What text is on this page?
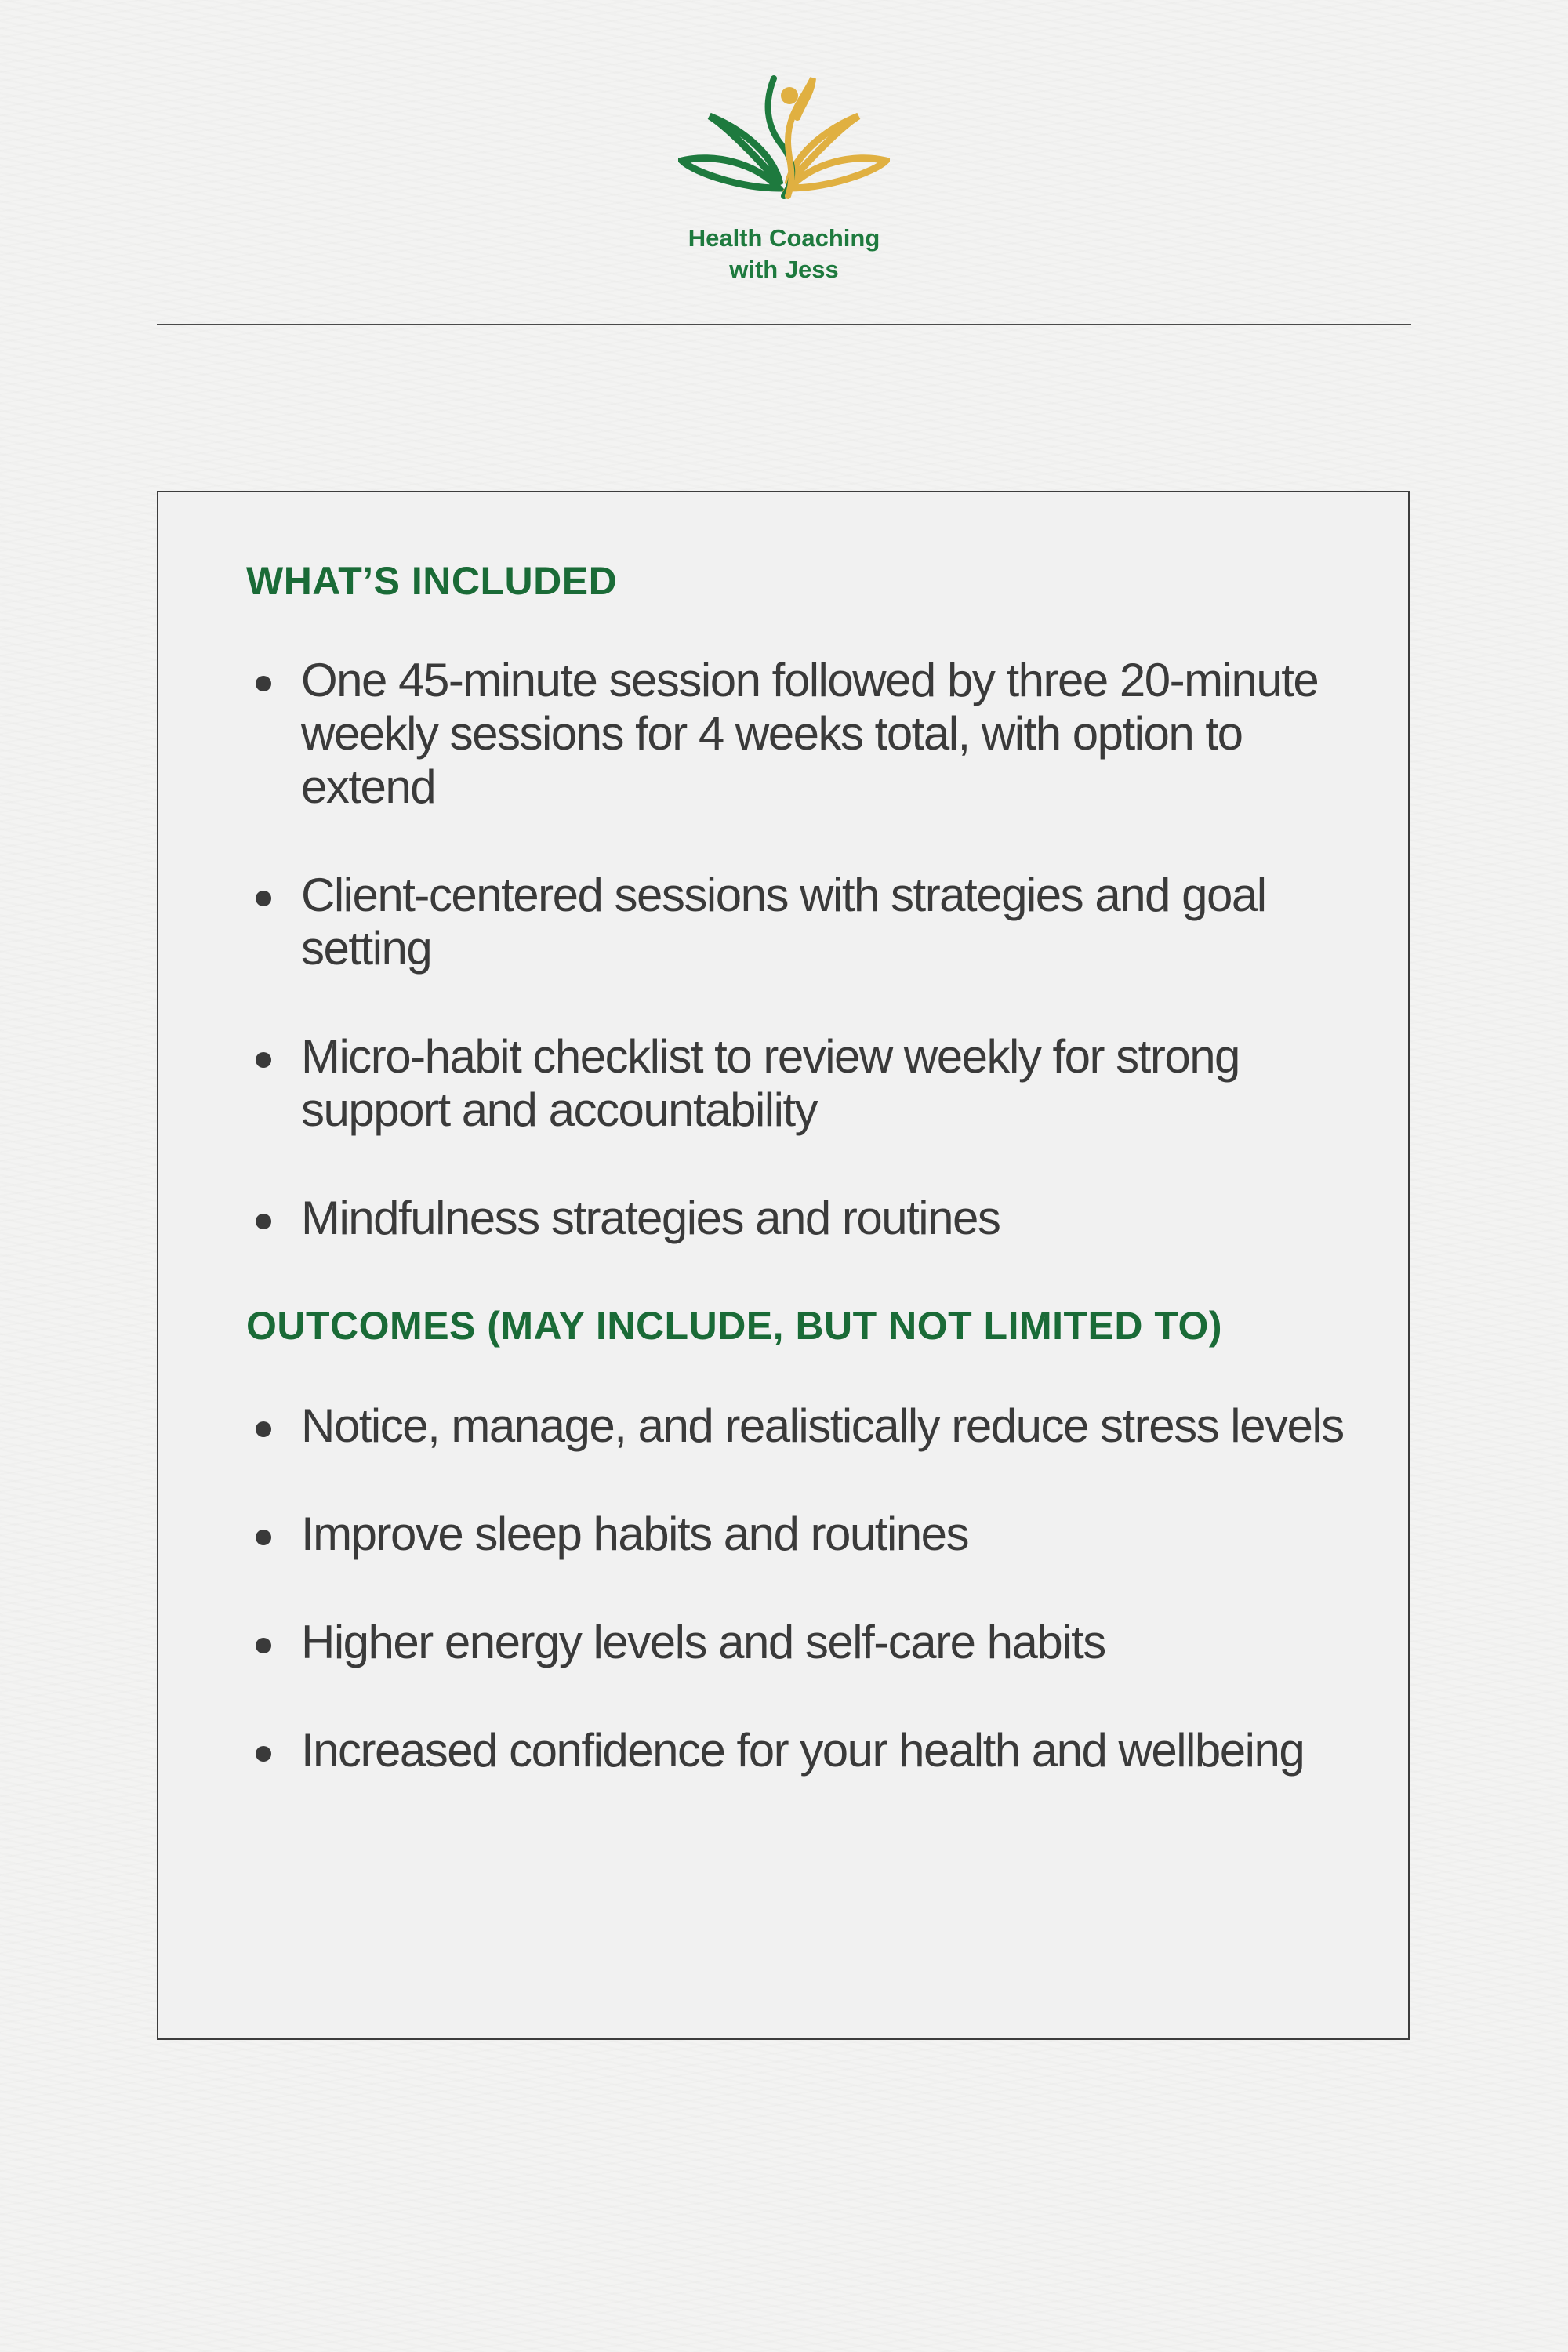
Health Coaching
with Jess
WHAT’S INCLUDED
One 45-minute session followed by three 20-minute weekly sessions for 4 weeks total, with option to extend
Client-centered sessions with strategies and goal setting
Micro-habit checklist to review weekly for strong support and accountability
Mindfulness strategies and routines
OUTCOMES (MAY INCLUDE, BUT NOT LIMITED TO)
Notice, manage, and realistically reduce stress levels
Improve sleep habits and routines
Higher energy levels and self-care habits
Increased confidence for your health and wellbeing
